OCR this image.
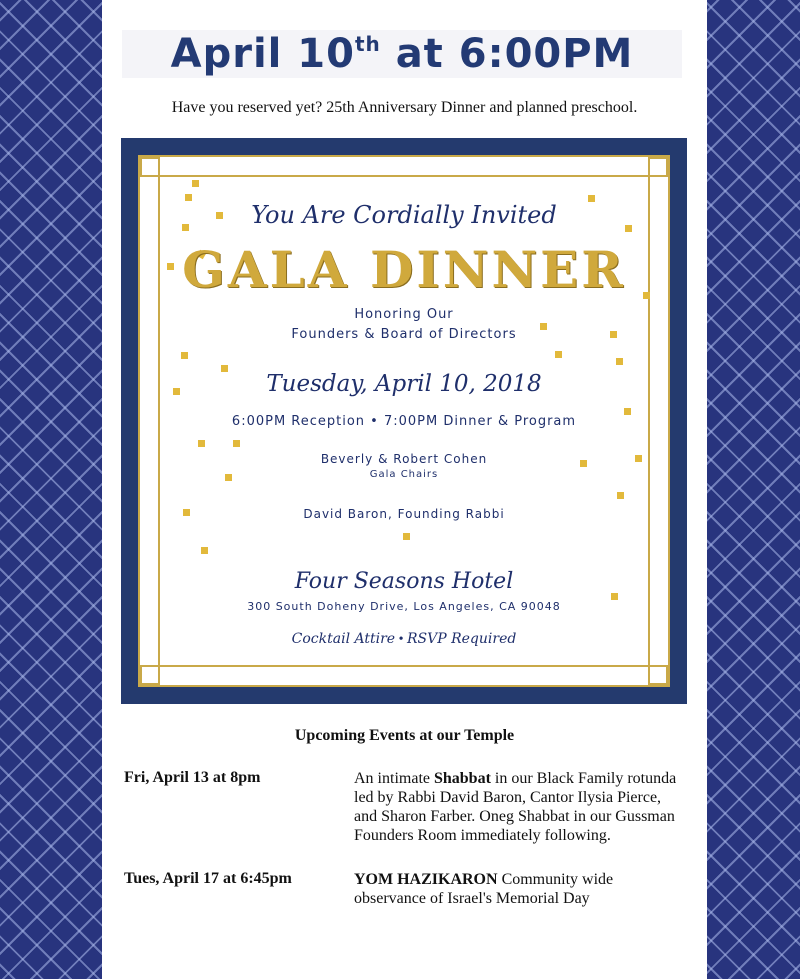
April 10th at 6:00PM
Have you reserved yet? 25th Anniversary Dinner and planned preschool.
You Are Cordially Invited
GALA DINNER
Honoring Our
Founders & Board of Directors
Tuesday, April 10, 2018
6:00PM Reception • 7:00PM Dinner & Program
Beverly & Robert Cohen
Gala Chairs
David Baron, Founding Rabbi
Four Seasons Hotel
300 South Doheny Drive, Los Angeles, CA 90048
Cocktail Attire • RSVP Required
Upcoming Events at our Temple
Fri, April 13 at 8pm	An intimate Shabbat in our Black Family rotunda led by Rabbi David Baron, Cantor Ilysia Pierce, and Sharon Farber. Oneg Shabbat in our Gussman Founders Room immediately following.
Tues, April 17 at 6:45pm	YOM HAZIKARON Community wide observance of Israel's Memorial Day
